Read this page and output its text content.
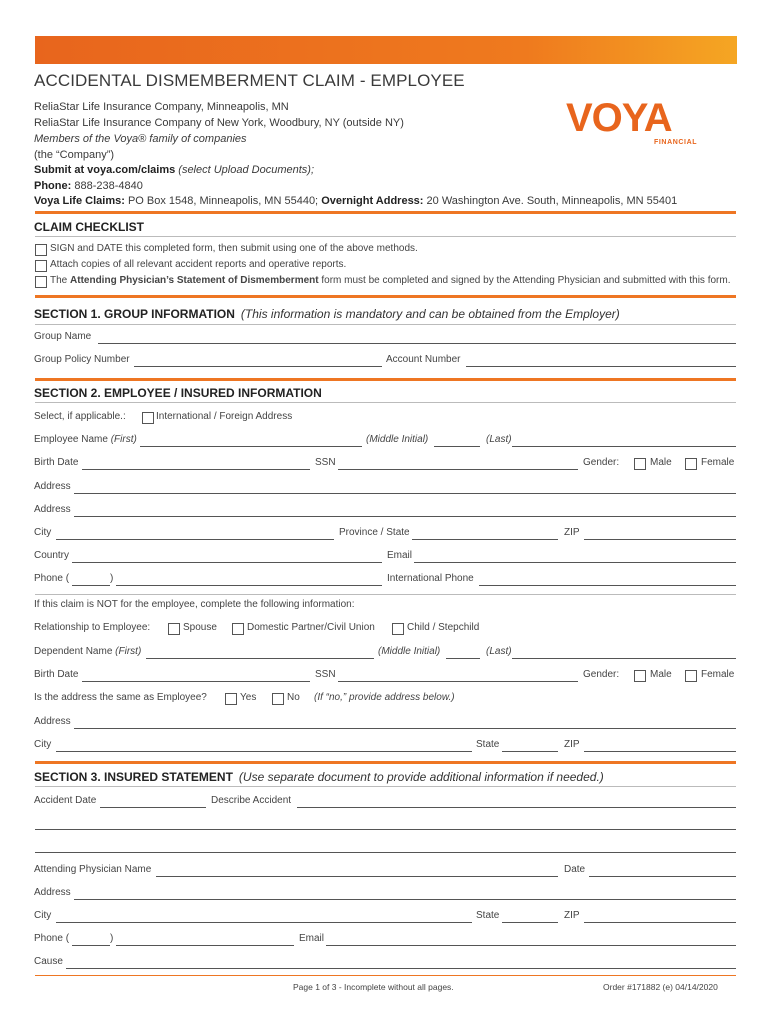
ACCIDENTAL DISMEMBERMENT CLAIM - EMPLOYEE
ReliaStar Life Insurance Company, Minneapolis, MN
ReliaStar Life Insurance Company of New York, Woodbury, NY (outside NY)
Members of the Voya® family of companies
(the “Company”)
Submit at voya.com/claims (select Upload Documents);
Phone: 888-238-4840
Voya Life Claims: PO Box 1548, Minneapolis, MN 55440; Overnight Address: 20 Washington Ave. South, Minneapolis, MN 55401
VOYA
FINANCIAL
CLAIM CHECKLIST
SIGN and DATE this completed form, then submit using one of the above methods.
Attach copies of all relevant accident reports and operative reports.
The Attending Physician’s Statement of Dismemberment form must be completed and signed by the Attending Physician and submitted with this form.
SECTION 1. GROUP INFORMATION (This information is mandatory and can be obtained from the Employer)
Group Name
Group Policy Number	Account Number
SECTION 2. EMPLOYEE / INSURED INFORMATION
Select, if applicable.:	International / Foreign Address
Employee Name (First)	(Middle Initial)	(Last)
Birth Date	SSN	Gender:	Male	Female
Address
Address
City	Province / State	ZIP
Country	Email
Phone (	)	International Phone
If this claim is NOT for the employee, complete the following information:
Relationship to Employee:	Spouse	Domestic Partner/Civil Union	Child / Stepchild
Dependent Name (First)	(Middle Initial)	(Last)
Birth Date	SSN	Gender:	Male	Female
Is the address the same as Employee?	Yes	No (If “no,” provide address below.)
Address
City	State	ZIP
SECTION 3. INSURED STATEMENT (Use separate document to provide additional information if needed.)
Accident Date	Describe Accident
Attending Physician Name	Date
Address
City	State	ZIP
Phone (	)	Email
Cause
Page 1 of 3 - Incomplete without all pages.	Order #171882 (e) 04/14/2020
